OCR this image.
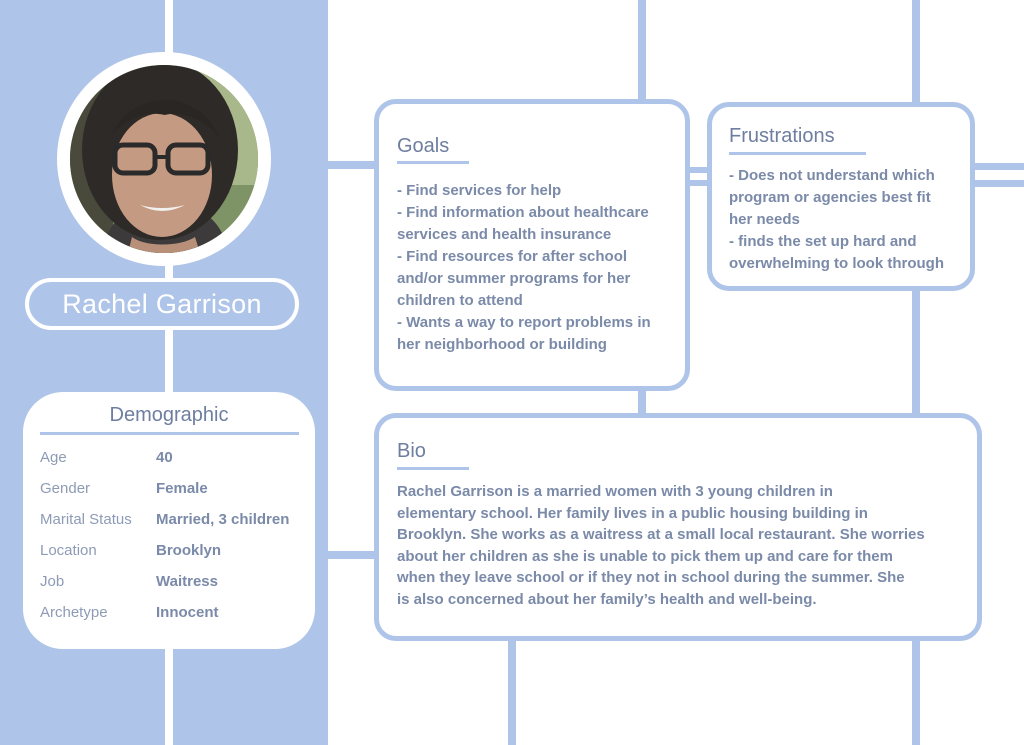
Rachel Garrison
Demographic
Age	40
Gender	Female
Marital Status	Married, 3 children
Location	Brooklyn
Job	Waitress
Archetype	Innocent
Goals
- Find services for help
- Find information about healthcare
services and health insurance
- Find resources for after school
and/or summer programs for her
children to attend
- Wants a way to report problems in
her neighborhood or building
Frustrations
- Does not understand which
program or agencies best fit
her needs
- finds the set up hard and
overwhelming to look through
Bio
Rachel Garrison is a married women with 3 young children in
elementary school. Her family lives in a public housing building in
Brooklyn. She works as a waitress at a small local restaurant. She worries
about her children as she is unable to pick them up and care for them
when they leave school or if they not in school during the summer. She
is also concerned about her family’s health and well-being.
